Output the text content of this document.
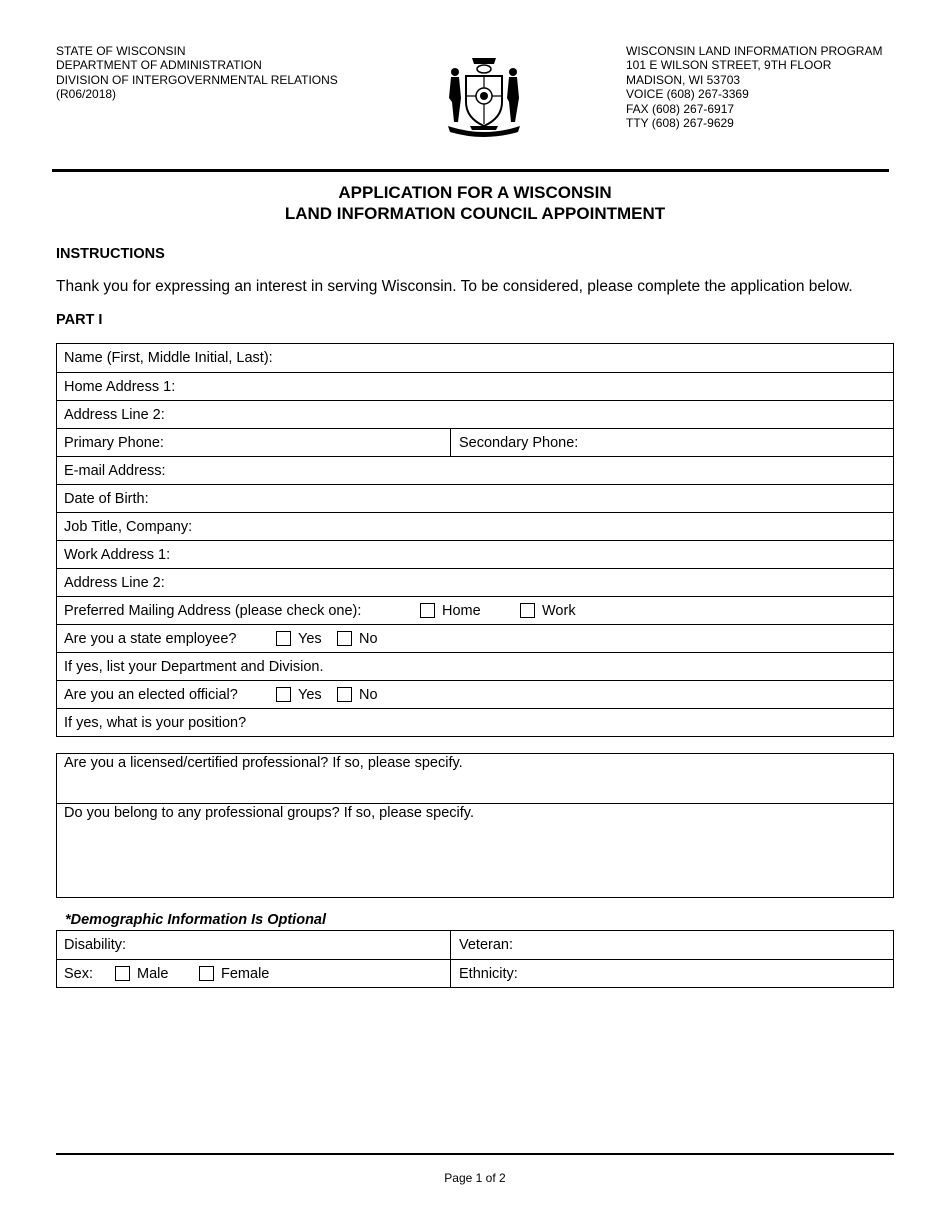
STATE OF WISCONSIN
DEPARTMENT OF ADMINISTRATION
DIVISION OF INTERGOVERNMENTAL RELATIONS
(R06/2018)
WISCONSIN LAND INFORMATION PROGRAM
101 E WILSON STREET, 9TH FLOOR
MADISON, WI 53703
VOICE (608) 267-3369
FAX (608) 267-6917
TTY (608) 267-9629
APPLICATION FOR A WISCONSIN
LAND INFORMATION COUNCIL APPOINTMENT
INSTRUCTIONS
Thank you for expressing an interest in serving Wisconsin. To be considered, please complete the application below.
PART I
Name (First, Middle Initial, Last):
Home Address 1:
Address Line 2:
Primary Phone:	Secondary Phone:
E-mail Address:
Date of Birth:
Job Title, Company:
Work Address 1:
Address Line 2:
Preferred Mailing Address (please check one):	Home	Work
Are you a state employee?	Yes	No
If yes, list your Department and Division.
Are you an elected official?	Yes	No
If yes, what is your position?
Are you a licensed/certified professional? If so, please specify.
Do you belong to any professional groups? If so, please specify.
*Demographic Information Is Optional
Disability:	Veteran:
Sex:	Male	Female	Ethnicity:
Page 1 of 2
